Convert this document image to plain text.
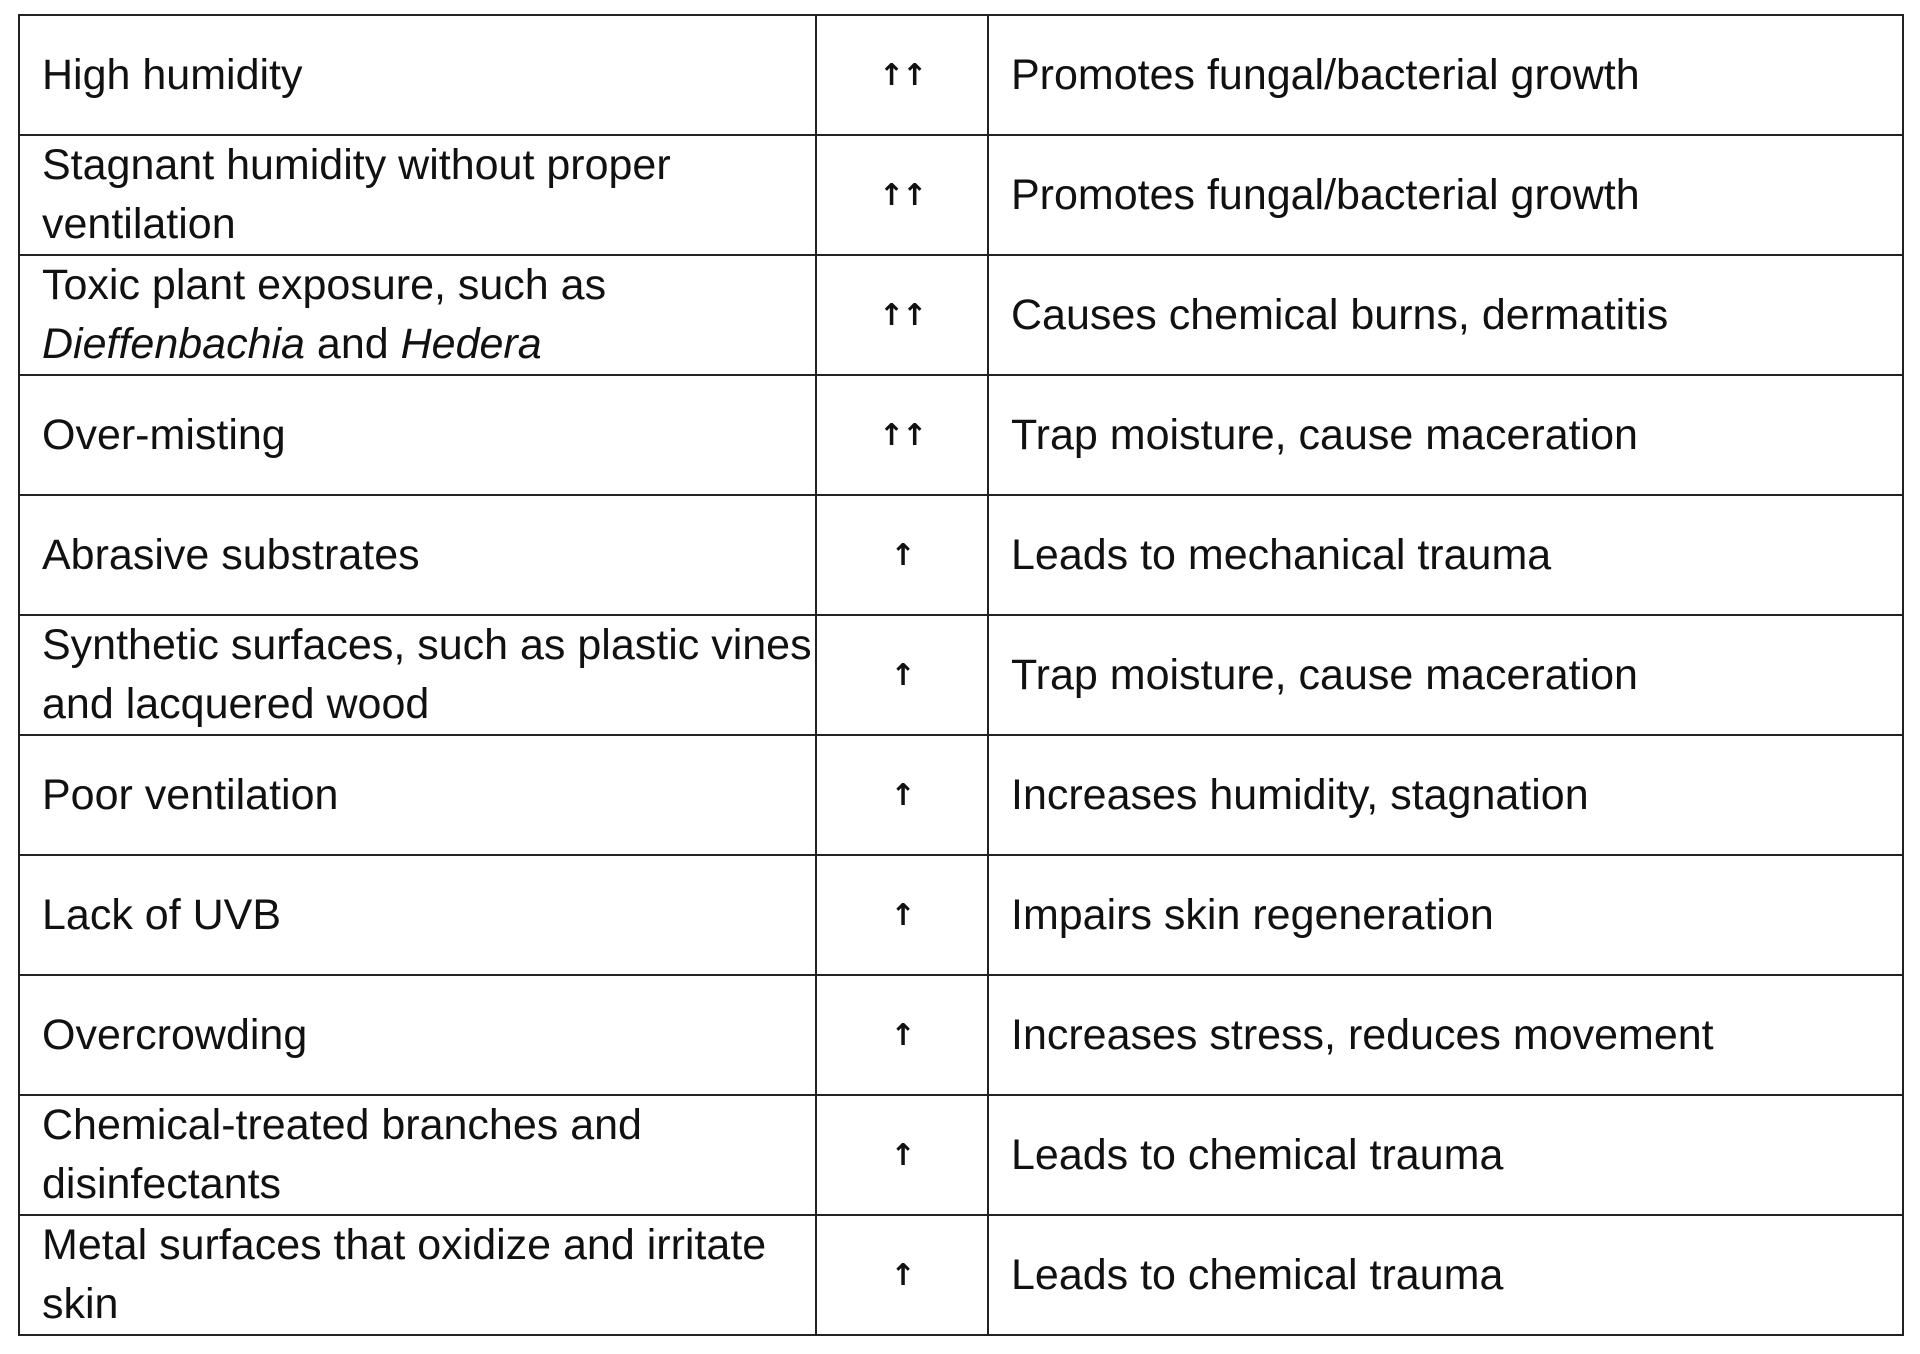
High humidity	↑↑	Promotes fungal/bacterial growth
Stagnant humidity without proper ventilation	↑↑	Promotes fungal/bacterial growth
Toxic plant exposure, such as Dieffenbachia and Hedera	↑↑	Causes chemical burns, dermatitis
Over-misting	↑↑	Trap moisture, cause maceration
Abrasive substrates	↑	Leads to mechanical trauma
Synthetic surfaces, such as plastic vines and lacquered wood	↑	Trap moisture, cause maceration
Poor ventilation	↑	Increases humidity, stagnation
Lack of UVB	↑	Impairs skin regeneration
Overcrowding	↑	Increases stress, reduces movement
Chemical-treated branches and disinfectants	↑	Leads to chemical trauma
Metal surfaces that oxidize and irritate skin	↑	Leads to chemical trauma
